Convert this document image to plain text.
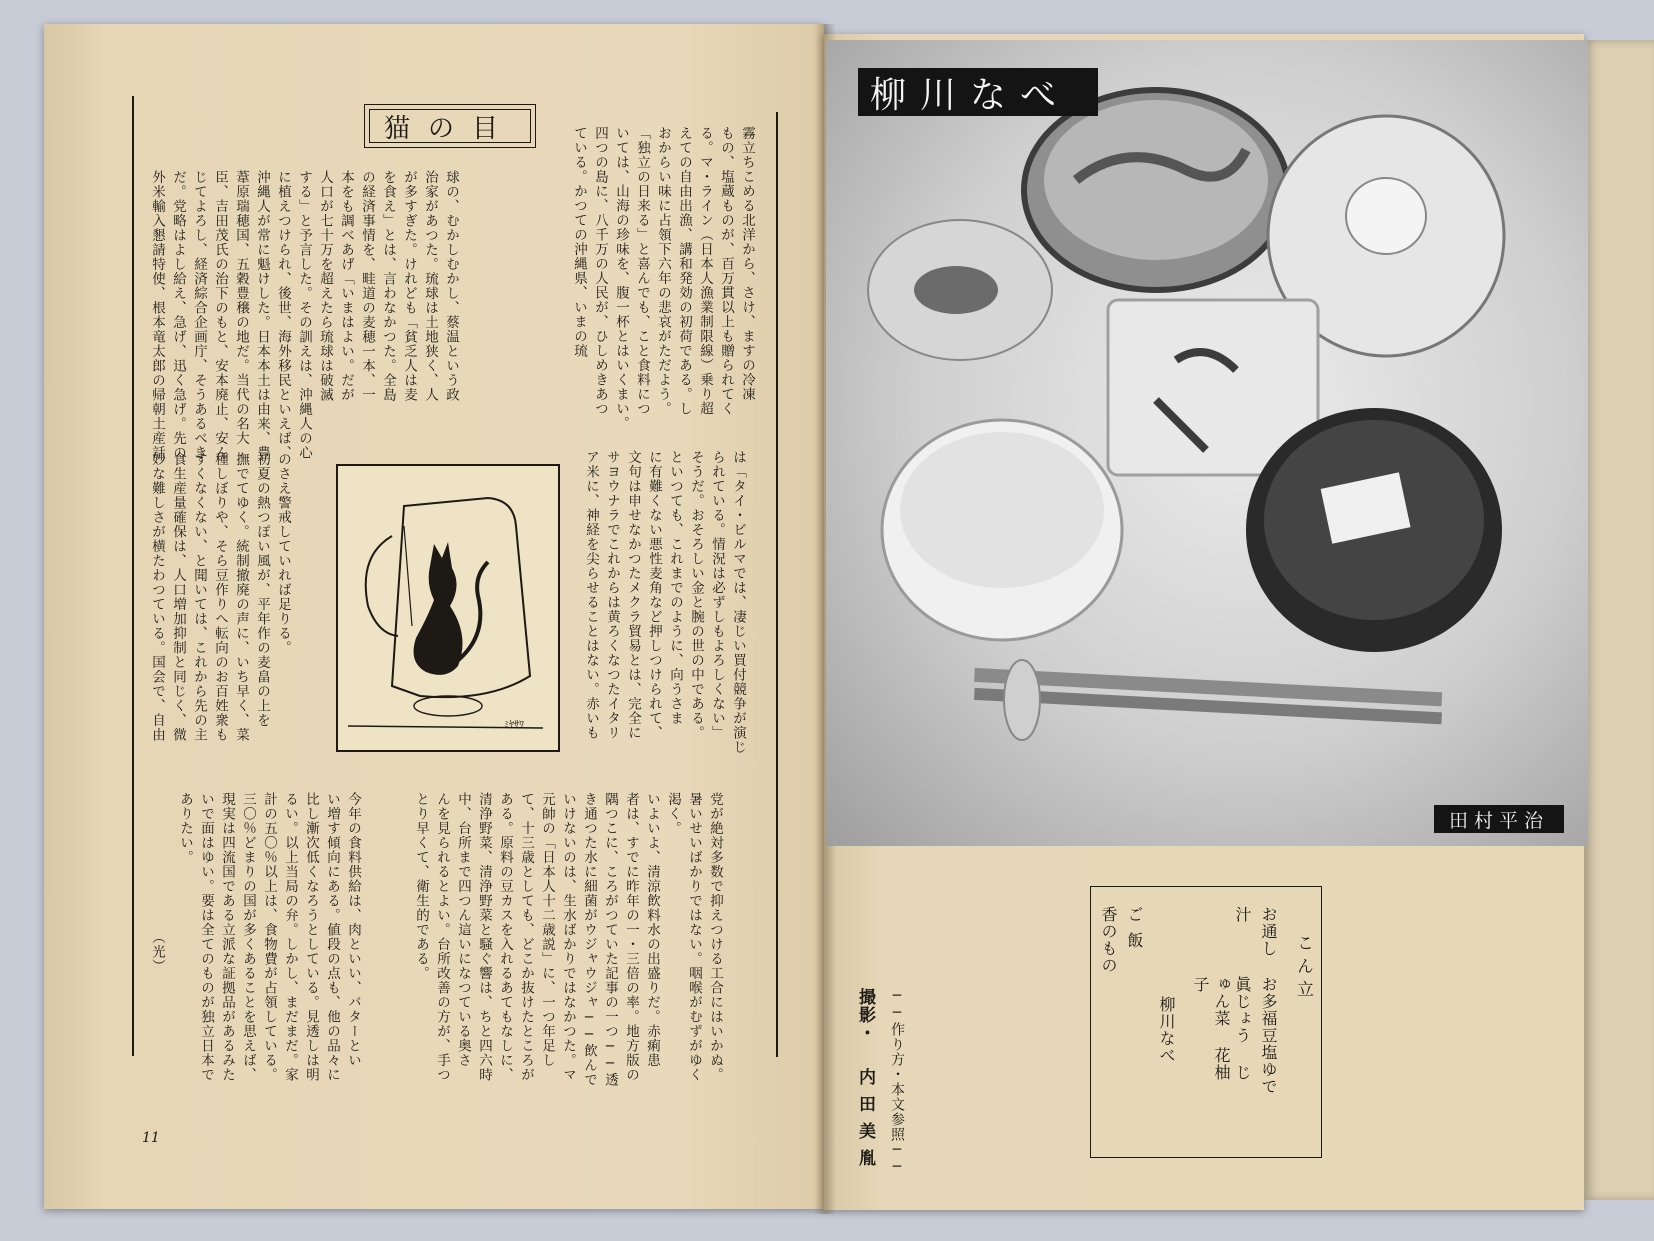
猫の目	霧立ちこめる北洋から、さけ、ますの冷凍
もの、塩蔵ものが、百万貫以上も贈られてく
る。マ・ライン（日本人漁業制限線）乗り超
えての自由出漁、講和発効の初荷である。し
おからい味に占領下六年の悲哀がただよう。
「独立の日来る」と喜んでも、こと食料につ
いては、山海の珍味を、腹一杯とはいくまい。
四つの島に、八千万の人民が、ひしめきあつ
ている。かつての沖縄県、いまの琉
球の、むかしむかし、蔡温という政
治家があつた。琉球は土地狭く、人
が多すぎた。けれども「貧乏人は麦
を食え」とは、言わなかつた。全島
の経済事情を、畦道の麦穂一本、一
本をも調べあげ「いまはよい。だが
人口が七十万を超えたら琉球は破滅
する」と予言した。その訓えは、沖縄人の心
に植えつけられ、後世、海外移民といえば、
沖縄人が常に魁けした。日本本土は由来、豊
葦原瑞穂国、五穀豊穣の地だ。当代の名大
臣、吉田茂氏の治下のもと、安本廃止、安ん
じてよろし、経済綜合企画庁、そうあるべき
だ。党略はよし給え、急げ、迅く急げ。先の
外米輸入懇請特使、根本竜太郎の帰朝土産話
は「タイ・ビルマでは、凄じい買付競争が演じ
られている。情況は必ずしもよろしくない」
そうだ。おそろしい金と腕の世の中である。
といつても、これまでのように、向うさま
に有難くない悪性麦角など押しつけられて、
文句は申せなかつたメクラ貿易とは、完全に
サヨウナラでこれからは黄ろくなつたイタリ
ア米に、神経を尖らせることはない。赤いも
ﾐﾔｻﾜ
のさえ警戒していれば足りる。
初夏の熱つぽい風が、平年作の麦畠の上を
撫でてゆく。統制撤廃の声に、いち早く、菜
種しぼりや、そら豆作りへ転向のお百姓衆も
すくなくない、と聞いては、これから先の主
食生産量確保は、人口増加抑制と同じく、微
妙な難しさが横たわつている。国会で、自由
党が絶対多数で抑えつける工合にはいかぬ。
暑いせいばかりではない。咽喉がむずがゆく
渇く。
いよいよ、清涼飲料水の出盛りだ。赤痢患
者は、すでに昨年の一・三倍の率。地方版の
隅つこに、ころがつていた記事の一つ──透
き通つた水に細菌がウジャウジャ──飲んで
いけないのは、生水ばかりではなかつた。マ
元帥の「日本人十二歳説」に、一つ年足し
て、十三歳としても、どこか抜けたところが
ある。原料の豆カスを入れるあてもなしに、
清浄野菜、清浄野菜と騒ぐ響は、ちと四六時
中、台所まで四つん這いになつている奥さ
んを見られるとよい。台所改善の方が、手つ
とり早くて、衛生的である。
今年の食料供給は、肉といい、バターとい
い増す傾向にある。値段の点も、他の品々に
比し漸次低くなろうとしている。見透しは明
るい。以上当局の弁。しかし、まだまだ。家
計の五〇％以上は、食物費が占領している。
三〇％どまりの国が多くあることを思えば、
現実は四流国である立派な証拠品があるみた
いで面はゆい。要は全てのものが独立日本で
ありたい。
（光）
11
柳川なべ
田村平治
こん立
お通し
お多福豆塩ゆで
汁
眞じょう じゅん菜 花柚子
柳川なべ
ご飯
香のもの
──作り方・本文参照──
撮影・
内田美胤
